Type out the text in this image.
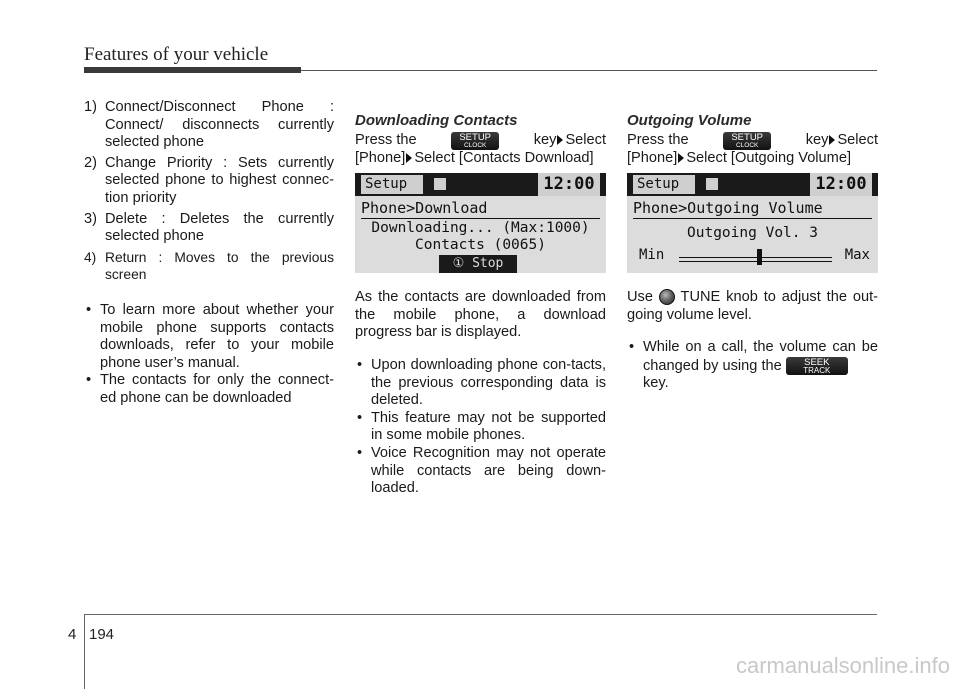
Features of your vehicle
1) Connect/Disconnect Phone : Connect/ disconnects currently selected phone
2) Change Priority : Sets currently selected phone to highest connec-tion priority
3) Delete : Deletes the currently selected phone
4) Return : Moves to the previous screen
• To learn more about whether your mobile phone supports contacts downloads, refer to your mobile phone user’s manual.
• The contacts for only the connect-ed phone can be downloaded
Downloading Contacts

Press the	SETUP
CLOCK	key Select

[Phone] Select [Contacts Download]

Setup	12:00
Phone>Download
Downloading... (Max:1000)
Contacts (0065)
① Stop

As the contacts are downloaded from the mobile phone, a download progress bar is displayed.

• Upon downloading phone con-tacts, the previous corresponding data is deleted.
• This feature may not be supported in some mobile phones.
• Voice Recognition may not operate while contacts are being down-loaded.
Outgoing Volume

Press the	SETUP
CLOCK	key Select

[Phone] Select [Outgoing Volume]

Setup	12:00
Phone>Outgoing Volume
Outgoing Vol. 3
Min	Max

Use TUNE knob to adjust the out-going volume level.

• While on a call, the volume can be changed by using the	SEEK
TRACK

key.
4 194
carmanualsonline.info
